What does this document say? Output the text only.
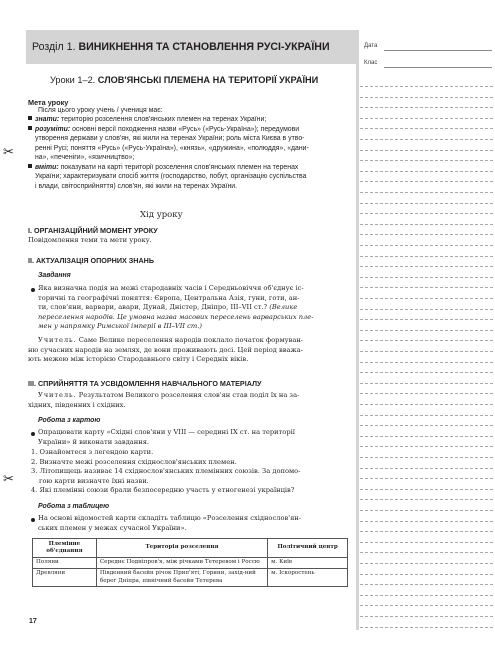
Розділ 1. ВИНИКНЕННЯ ТА СТАНОВЛЕННЯ РУСІ-УКРАЇНИ
Уроки 1–2. СЛОВ'ЯНСЬКІ ПЛЕМЕНА НА ТЕРИТОРІЇ УКРАЇНИ
Дата
Клас
✂
✂
Мета уроку
Після цього уроку учень / учениця має:
знати: територію розселення слов'янських племен на теренах України;
розуміти: основні версії походження назви «Русь» («Русь-Україна»); передумови
утворення держави у слов'ян, які жили на теренах України; роль міста Києва в утво-
ренні Русі; поняття «Русь» («Русь-Україна»), «князь», «дружина», «полюддя», «дани-
на», «печеніги», «язичництво»;
вміти: показувати на карті території розселення слов'янських племен на теренах
України; характеризувати спосіб життя (господарство, побут, організацію суспільства
і влади, світосприйняття) слов'ян, які жили на теренах України.
Хід уроку
I. ОРГАНІЗАЦІЙНИЙ МОМЕНТ УРОКУ
Повідомлення теми та мети уроку.
II. АКТУАЛІЗАЦІЯ ОПОРНИХ ЗНАНЬ
Завдання
Яка визначна подія на межі стародавніх часів і Середньовіччя об'єднує іс-
торичні та географічні поняття: Європа, Центральна Азія, гуни, готи, ан-
ти, слов'яни, варвари, авари, Дунай, Дністер, Дніпро, III–VII ст.? (Велике
переселення народів. Це умовна назва масових переселень варварських пле-
мен у напрямку Римської імперії в III–VII ст.)
Учитель. Саме Велике переселення народів поклало початок формуван-
ню сучасних народів на землях, де вони проживають досі. Цей період вважа-
ють межею між історією Стародавнього світу і Середніх віків.
III. СПРИЙНЯТТЯ ТА УСВІДОМЛЕННЯ НАВЧАЛЬНОГО МАТЕРІАЛУ
Учитель. Результатом Великого розселення слов'ян став поділ їх на за-
хідних, південних і східних.
Робота з картою
Опрацювати карту «Східні слов'яни у VIII — середині IX ст. на території
України» й виконати завдання.
1. Ознайомтеся з легендою карти.
2. Визначте межі розселення східнослов'янських племен.
3. Літопищець називає 14 східнослов'янських племінних союзів. За допомо-
гою карти визначте їхні назви.
4. Які племінні союзи брали безпосередню участь у етногенезі українців?
Робота з таблицею
На основі відомостей карти складіть таблицю «Розселення східнослов'ян-
ських племен у межах сучасної України».
Племінне об'єднання	Територія розселення	Політичний центр
Поляни	Середнє Подніпров'я, між річками Тетеревом і Россю	м. Київ
Древляни	Південний басейн річок Прип'яті, Горини, захід-ний берег Дніпра, північний басейн Тетерева	м. Іскоростень
17
